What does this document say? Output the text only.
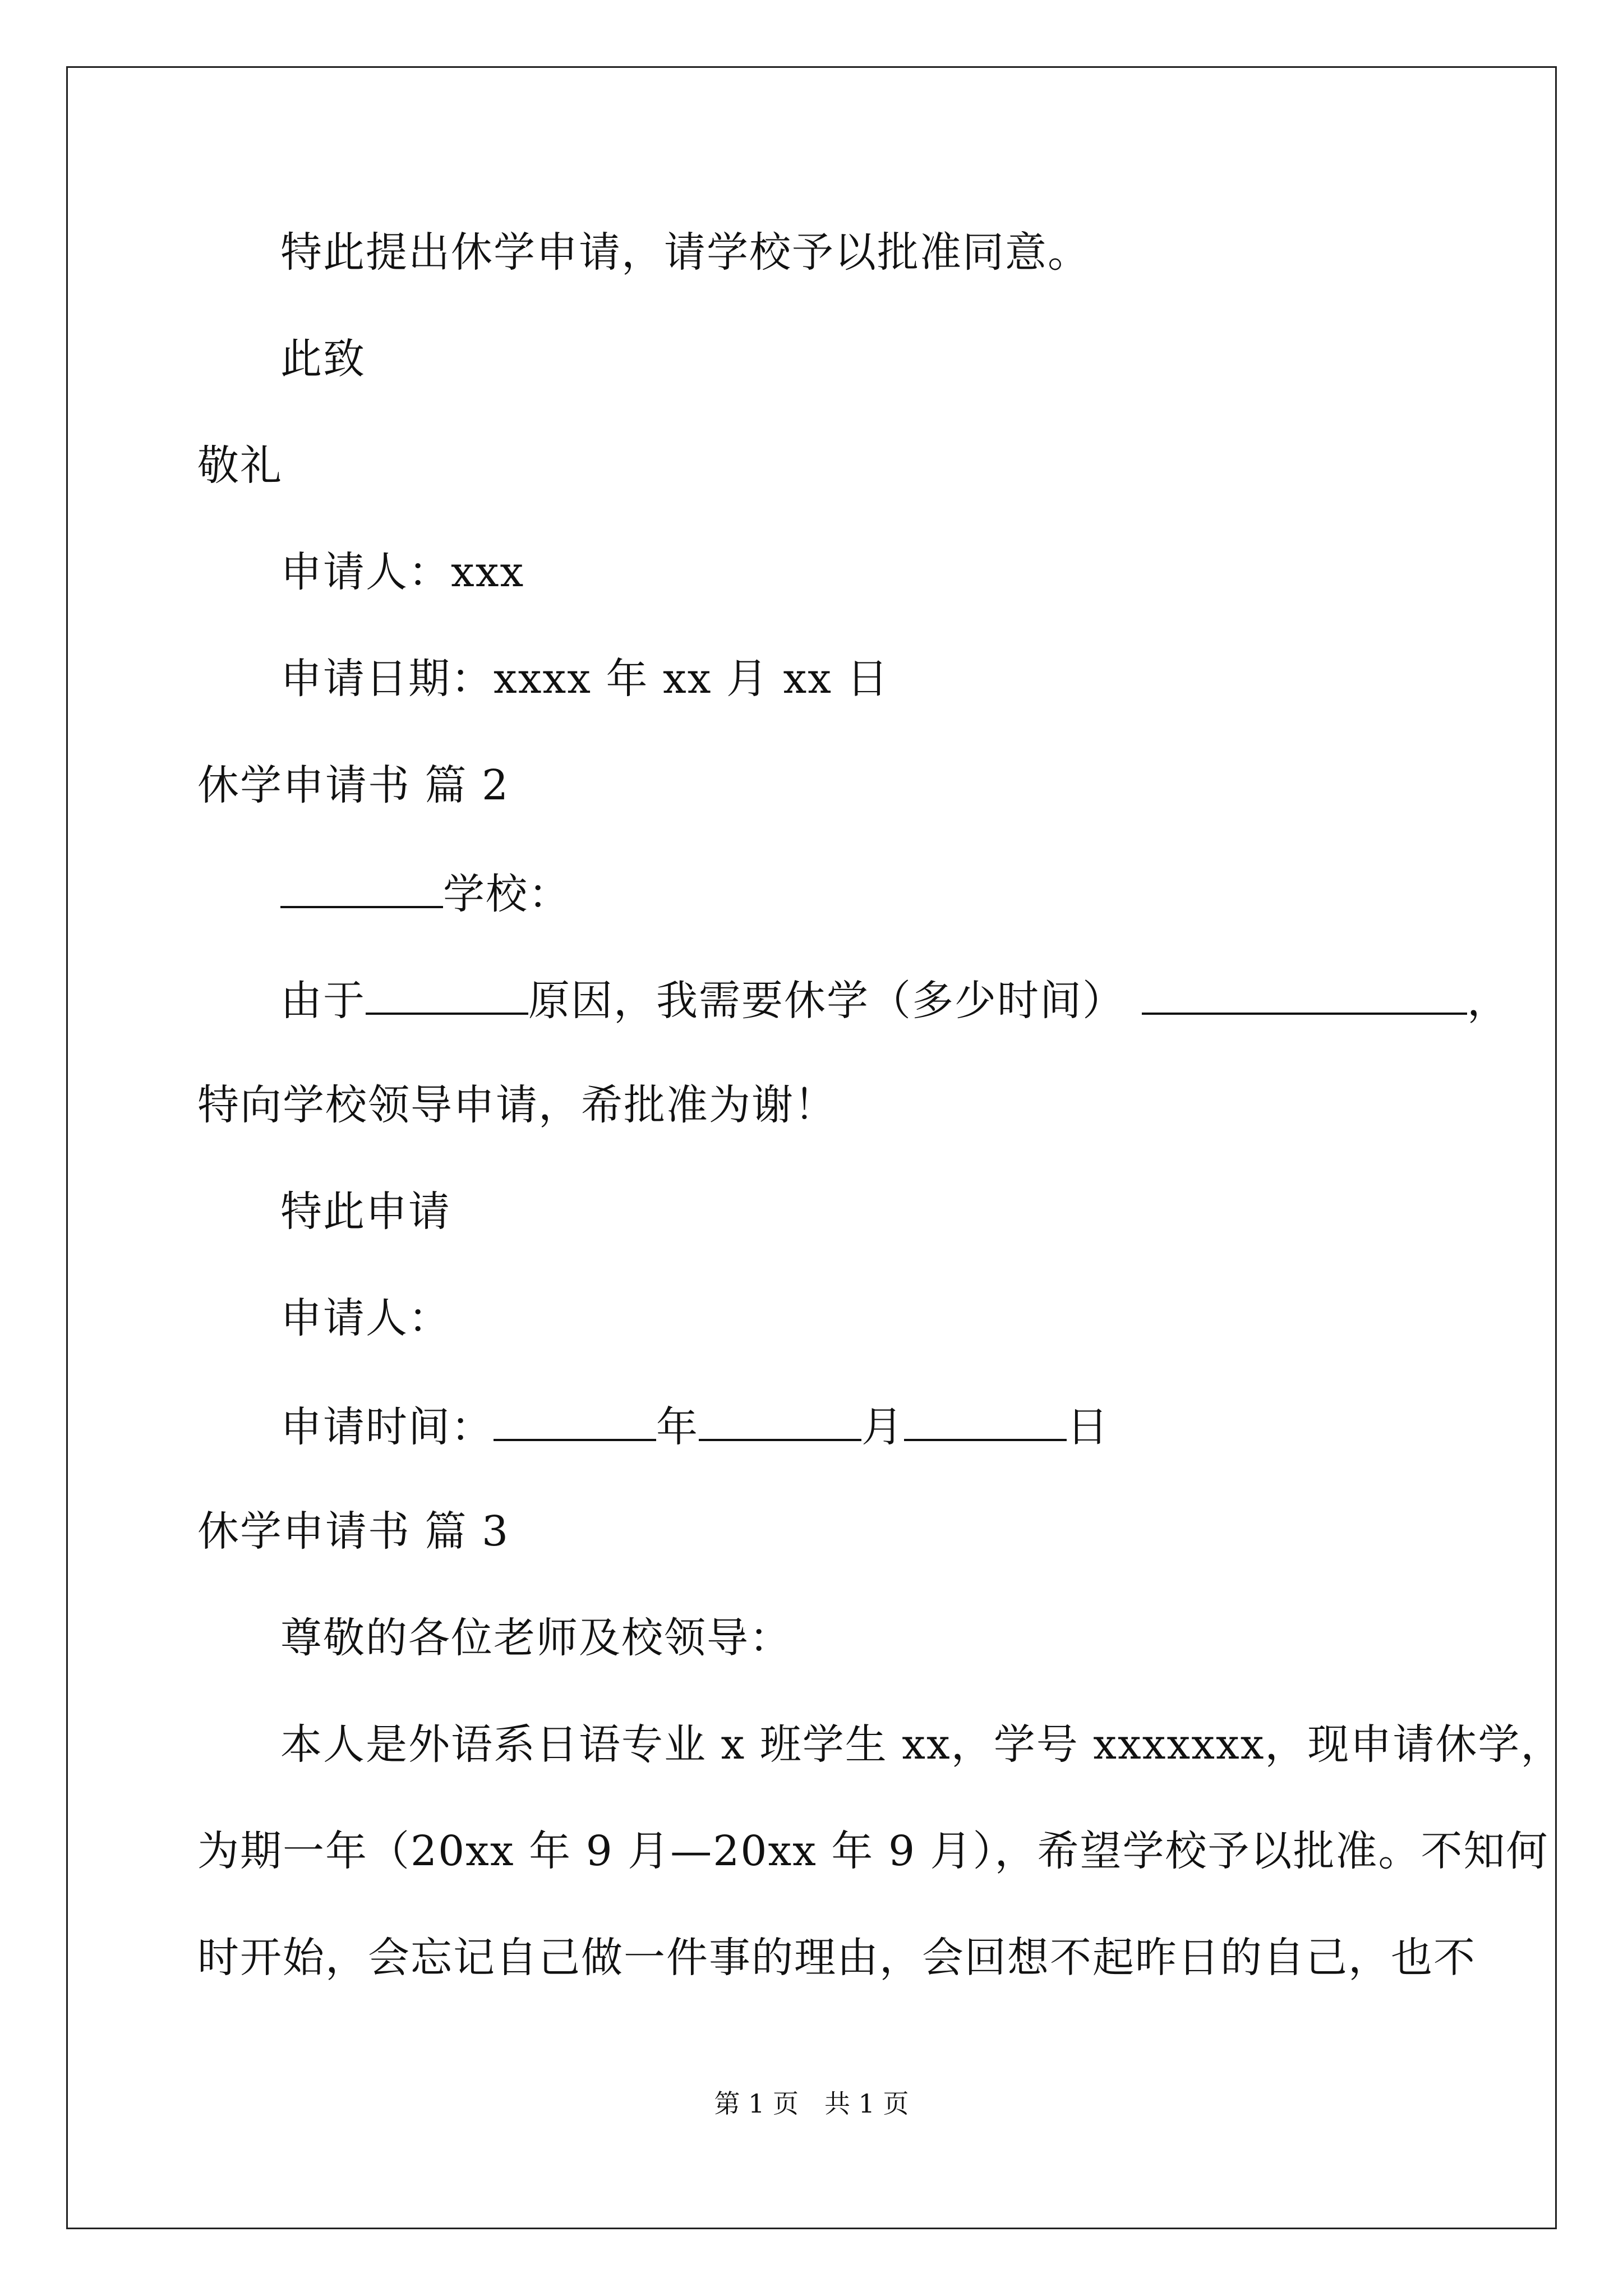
特此提出休学申请，请学校予以批准同意。
此致
敬礼
申请人：xxx
申请日期：xxxx 年 xx 月 xx 日
休学申请书 篇 2
学校：
由于	原因，我需要休学（多少时间）	，
特向学校领导申请，希批准为谢！
特此申请
申请人：
申请时间：	年	月	日
休学申请书 篇 3
尊敬的各位老师及校领导：
本人是外语系日语专业 x 班学生 xx，学号 xxxxxxx，现申请休学，
为期一年（20xx 年 9 月—20xx 年 9 月），希望学校予以批准。不知何
时开始，会忘记自己做一件事的理由，会回想不起昨日的自己，也不
第 1 页　共 1 页
